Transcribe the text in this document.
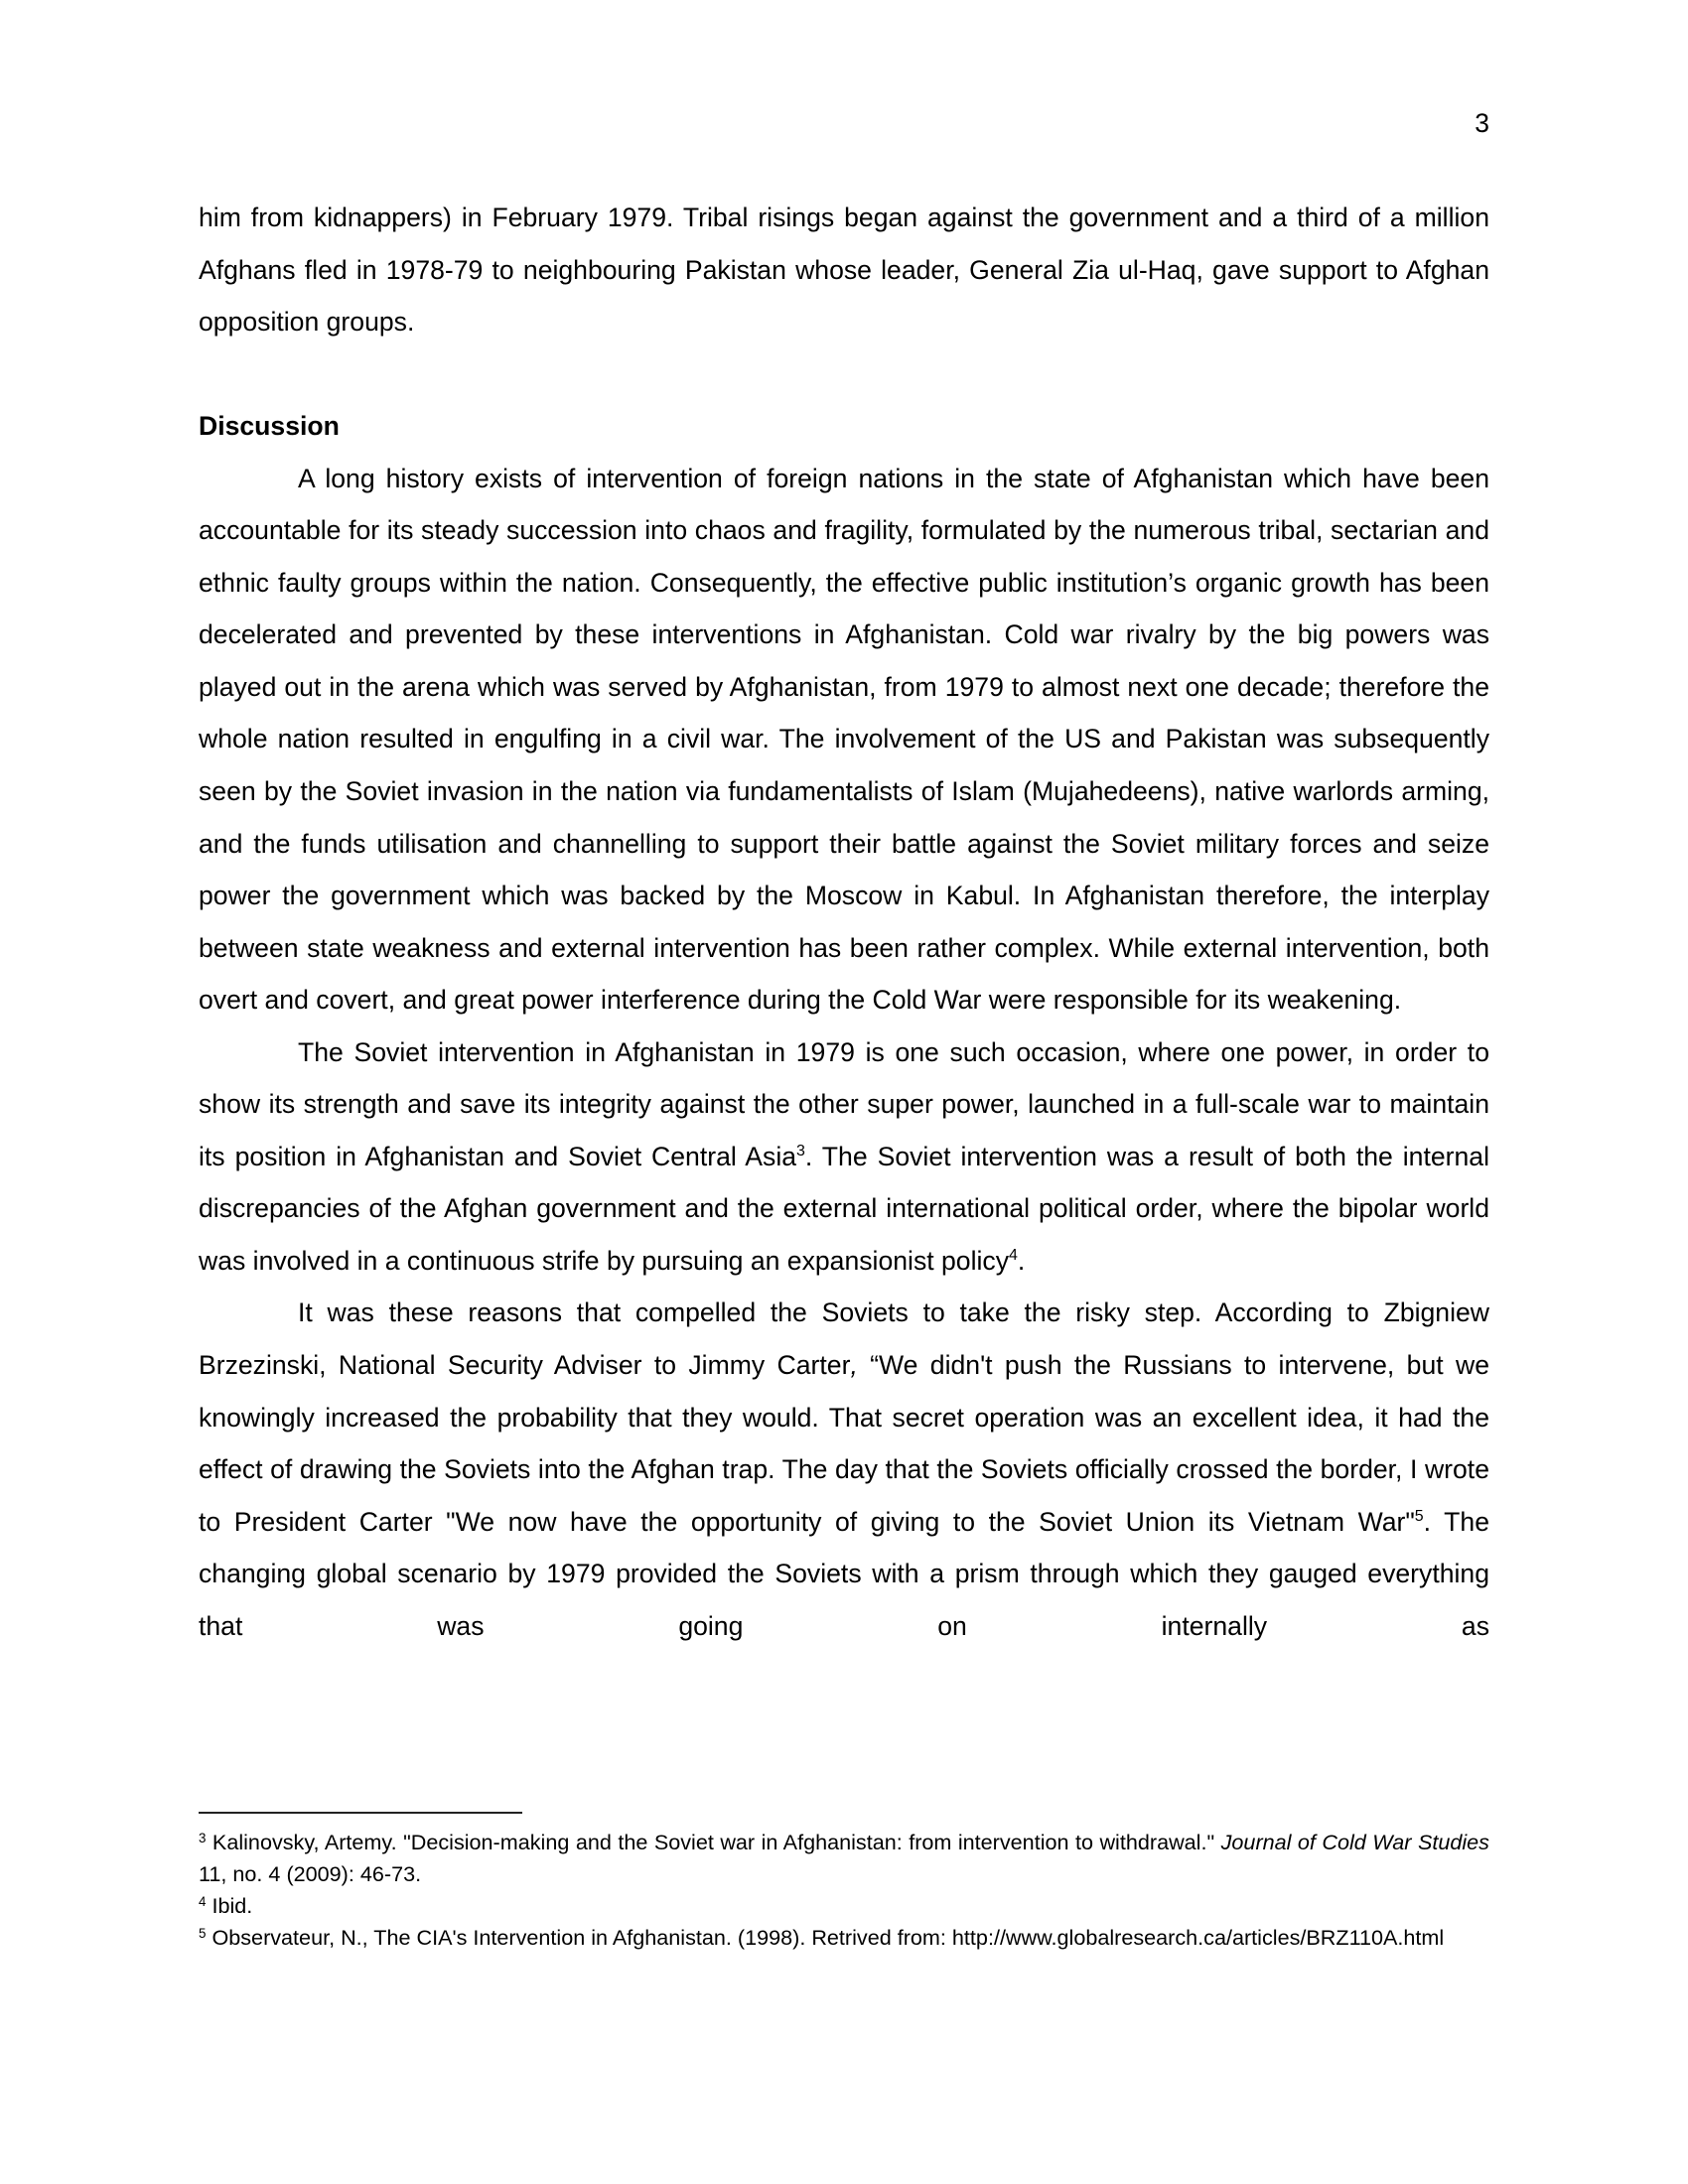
3

him from kidnappers) in February 1979. Tribal risings began against the government and a third of a million Afghans fled in 1978-79 to neighbouring Pakistan whose leader, General Zia ul-Haq, gave support to Afghan opposition groups.

Discussion

A long history exists of intervention of foreign nations in the state of Afghanistan which have been accountable for its steady succession into chaos and fragility, formulated by the numerous tribal, sectarian and ethnic faulty groups within the nation. Consequently, the effective public institution’s organic growth has been decelerated and prevented by these interventions in Afghanistan. Cold war rivalry by the big powers was played out in the arena which was served by Afghanistan, from 1979 to almost next one decade; therefore the whole nation resulted in engulfing in a civil war. The involvement of the US and Pakistan was subsequently seen by the Soviet invasion in the nation via fundamentalists of Islam (Mujahedeens), native warlords arming, and the funds utilisation and channelling to support their battle against the Soviet military forces and seize power the government which was backed by the Moscow in Kabul. In Afghanistan therefore, the interplay between state weakness and external intervention has been rather complex. While external intervention, both overt and covert, and great power interference during the Cold War were responsible for its weakening.

The Soviet intervention in Afghanistan in 1979 is one such occasion, where one power, in order to show its strength and save its integrity against the other super power, launched in a full-scale war to maintain its position in Afghanistan and Soviet Central Asia$^3$. The Soviet intervention was a result of both the internal discrepancies of the Afghan government and the external international political order, where the bipolar world was involved in a continuous strife by pursuing an expansionist policy$^4$.

It was these reasons that compelled the Soviets to take the risky step. According to Zbigniew Brzezinski, National Security Adviser to Jimmy Carter, “We didn't push the Russians to intervene, but we knowingly increased the probability that they would. That secret operation was an excellent idea, it had the effect of drawing the Soviets into the Afghan trap. The day that the Soviets officially crossed the border, I wrote to President Carter "We now have the opportunity of giving to the Soviet Union its Vietnam War"$^5$. The changing global scenario by 1979 provided the Soviets with a prism through which they gauged everything that was going on internally as

$^3$ Kalinovsky, Artemy. "Decision-making and the Soviet war in Afghanistan: from intervention to withdrawal." Journal of Cold War Studies 11, no. 4 (2009): 46-73.

$^4$ Ibid.

$^5$ Observateur, N., The CIA's Intervention in Afghanistan. (1998). Retrived from: http://www.globalresearch.ca/articles/BRZ110A.html
